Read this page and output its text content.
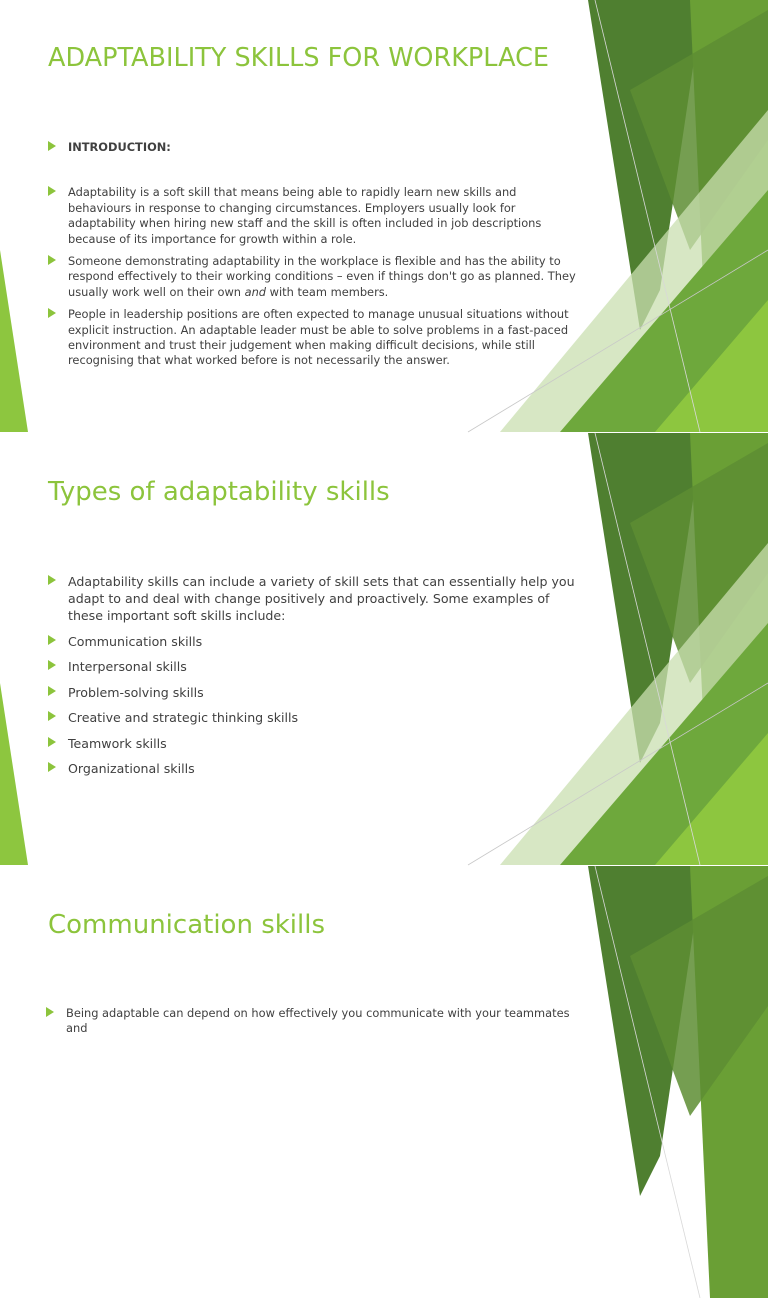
ADAPTABILITY SKILLS FOR WORKPLACE
INTRODUCTION:
Adaptability is a soft skill that means being able to rapidly learn new skills and behaviours in response to changing circumstances. Employers usually look for adaptability when hiring new staff and the skill is often included in job descriptions because of its importance for growth within a role.
Someone demonstrating adaptability in the workplace is flexible and has the ability to respond effectively to their working conditions – even if things don't go as planned. They usually work well on their own and with team members.
People in leadership positions are often expected to manage unusual situations without explicit instruction. An adaptable leader must be able to solve problems in a fast-paced environment and trust their judgement when making difficult decisions, while still recognising that what worked before is not necessarily the answer.
Types of adaptability skills
Adaptability skills can include a variety of skill sets that can essentially help you adapt to and deal with change positively and proactively. Some examples of these important soft skills include:
Communication skills
Interpersonal skills
Problem-solving skills
Creative and strategic thinking skills
Teamwork skills
Organizational skills
Communication skills
Being adaptable can depend on how effectively you communicate with your teammates and
